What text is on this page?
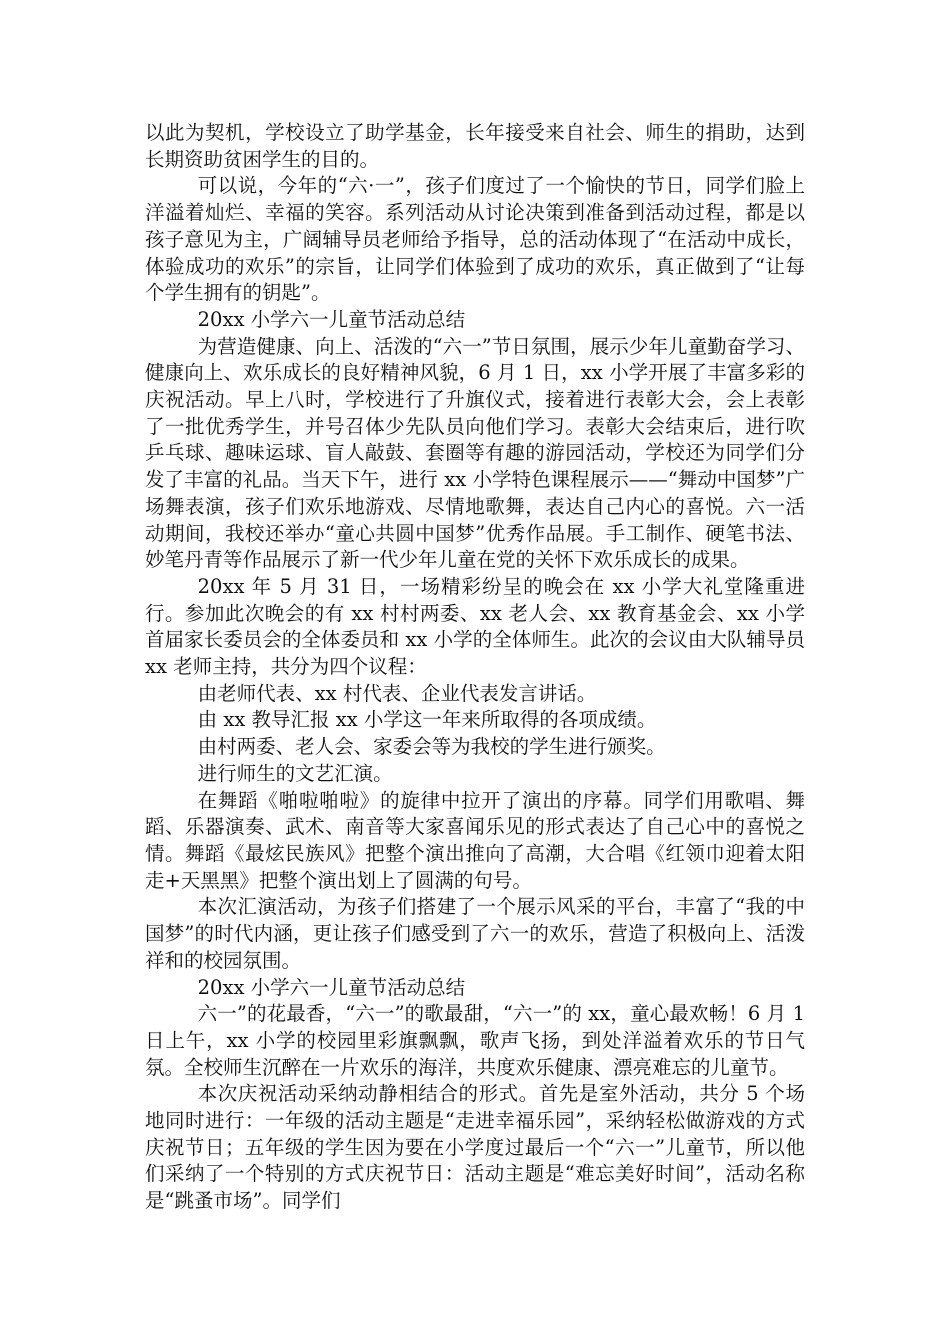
以此为契机，学校设立了助学基金，长年接受来自社会、师生的捐助，达到长期资助贫困学生的目的。

可以说，今年的“六·一”，孩子们度过了一个愉快的节日，同学们脸上洋溢着灿烂、幸福的笑容。系列活动从讨论决策到准备到活动过程，都是以孩子意见为主，广阔辅导员老师给予指导，总的活动体现了“在活动中成长，体验成功的欢乐”的宗旨，让同学们体验到了成功的欢乐，真正做到了“让每个学生拥有的钥匙”。

20xx 小学六一儿童节活动总结

为营造健康、向上、活泼的“六一”节日氛围，展示少年儿童勤奋学习、健康向上、欢乐成长的良好精神风貌，6 月 1 日，xx 小学开展了丰富多彩的庆祝活动。早上八时，学校进行了升旗仪式，接着进行表彰大会，会上表彰了一批优秀学生，并号召体少先队员向他们学习。表彰大会结束后，进行吹乒乓球、趣味运球、盲人敲鼓、套圈等有趣的游园活动，学校还为同学们分发了丰富的礼品。当天下午，进行 xx 小学特色课程展示——“舞动中国梦”广场舞表演，孩子们欢乐地游戏、尽情地歌舞，表达自己内心的喜悦。六一活动期间，我校还举办“童心共圆中国梦”优秀作品展。手工制作、硬笔书法、妙笔丹青等作品展示了新一代少年儿童在党的关怀下欢乐成长的成果。

20xx 年 5 月 31 日，一场精彩纷呈的晚会在 xx 小学大礼堂隆重进行。参加此次晚会的有 xx 村村两委、xx 老人会、xx 教育基金会、xx 小学首届家长委员会的全体委员和 xx 小学的全体师生。此次的会议由大队辅导员 xx 老师主持，共分为四个议程：

由老师代表、xx 村代表、企业代表发言讲话。

由 xx 教导汇报 xx 小学这一年来所取得的各项成绩。

由村两委、老人会、家委会等为我校的学生进行颁奖。

进行师生的文艺汇演。

在舞蹈《啪啦啪啦》的旋律中拉开了演出的序幕。同学们用歌唱、舞蹈、乐器演奏、武术、南音等大家喜闻乐见的形式表达了自己心中的喜悦之情。舞蹈《最炫民族风》把整个演出推向了高潮，大合唱《红领巾迎着太阳走+天黑黑》把整个演出划上了圆满的句号。

本次汇演活动，为孩子们搭建了一个展示风采的平台，丰富了“我的中国梦”的时代内涵，更让孩子们感受到了六一的欢乐，营造了积极向上、活泼祥和的校园氛围。

20xx 小学六一儿童节活动总结

六一”的花最香，“六一”的歌最甜，“六一”的 xx，童心最欢畅！6 月 1 日上午，xx 小学的校园里彩旗飘飘，歌声飞扬，到处洋溢着欢乐的节日气氛。全校师生沉醉在一片欢乐的海洋，共度欢乐健康、漂亮难忘的儿童节。

本次庆祝活动采纳动静相结合的形式。首先是室外活动，共分 5 个场地同时进行：一年级的活动主题是“走进幸福乐园”，采纳轻松做游戏的方式庆祝节日；五年级的学生因为要在小学度过最后一个“六一”儿童节，所以他们采纳了一个特别的方式庆祝节日：活动主题是“难忘美好时间”，活动名称是“跳蚤市场”。同学们
